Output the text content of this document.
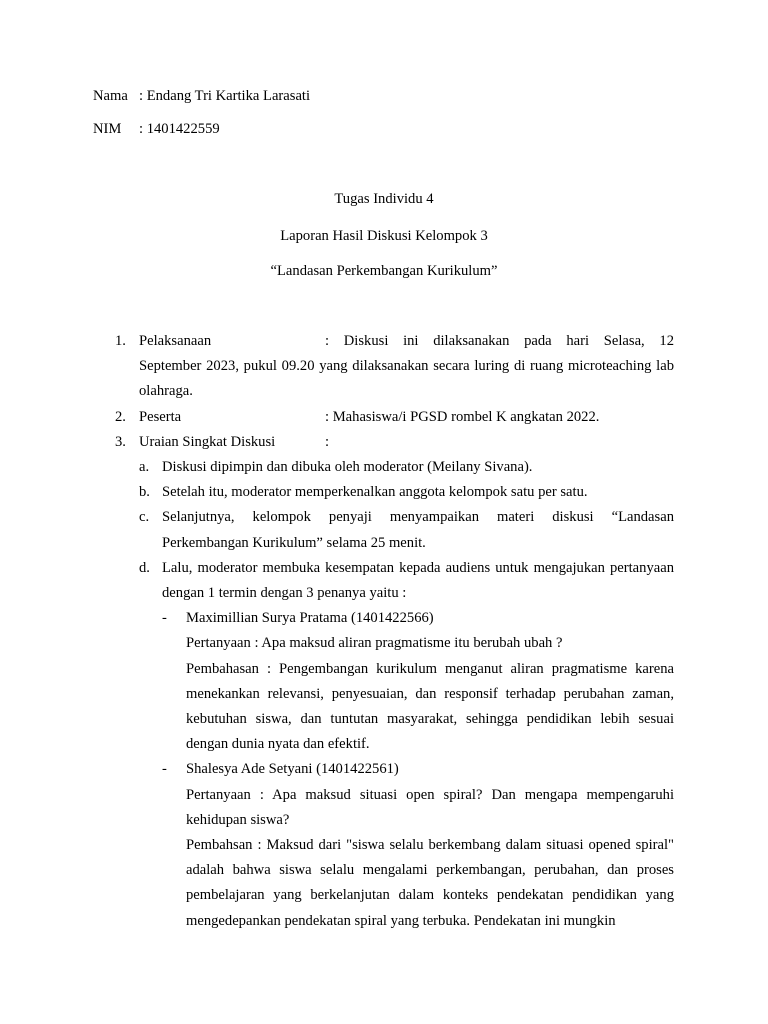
Nama : Endang Tri Kartika Larasati
NIM : 1401422559
Tugas Individu 4
Laporan Hasil Diskusi Kelompok 3
“Landasan Perkembangan Kurikulum”
1. Pelaksanaan	: Diskusi ini dilaksanakan pada hari Selasa, 12
September 2023, pukul 09.20 yang dilaksanakan secara luring di ruang microteaching lab olahraga.
2. Peserta	: Mahasiswa/i PGSD rombel K angkatan 2022.
3. Uraian Singkat Diskusi	:
a. Diskusi dipimpin dan dibuka oleh moderator (Meilany Sivana).
b. Setelah itu, moderator memperkenalkan anggota kelompok satu per satu.
c. Selanjutnya, kelompok penyaji menyampaikan materi diskusi “Landasan Perkembangan Kurikulum” selama 25 menit.
d. Lalu, moderator membuka kesempatan kepada audiens untuk mengajukan pertanyaan dengan 1 termin dengan 3 penanya yaitu :
- Maximillian Surya Pratama (1401422566)
Pertanyaan : Apa maksud aliran pragmatisme itu berubah ubah ?
Pembahasan : Pengembangan kurikulum menganut aliran pragmatisme karena menekankan relevansi, penyesuaian, dan responsif terhadap perubahan zaman, kebutuhan siswa, dan tuntutan masyarakat, sehingga pendidikan lebih sesuai dengan dunia nyata dan efektif.
- Shalesya Ade Setyani (1401422561)
Pertanyaan : Apa maksud situasi open spiral? Dan mengapa mempengaruhi kehidupan siswa?
Pembahsan : Maksud dari "siswa selalu berkembang dalam situasi opened spiral" adalah bahwa siswa selalu mengalami perkembangan, perubahan, dan proses pembelajaran yang berkelanjutan dalam konteks pendekatan pendidikan yang mengedepankan pendekatan spiral yang terbuka. Pendekatan ini mungkin
